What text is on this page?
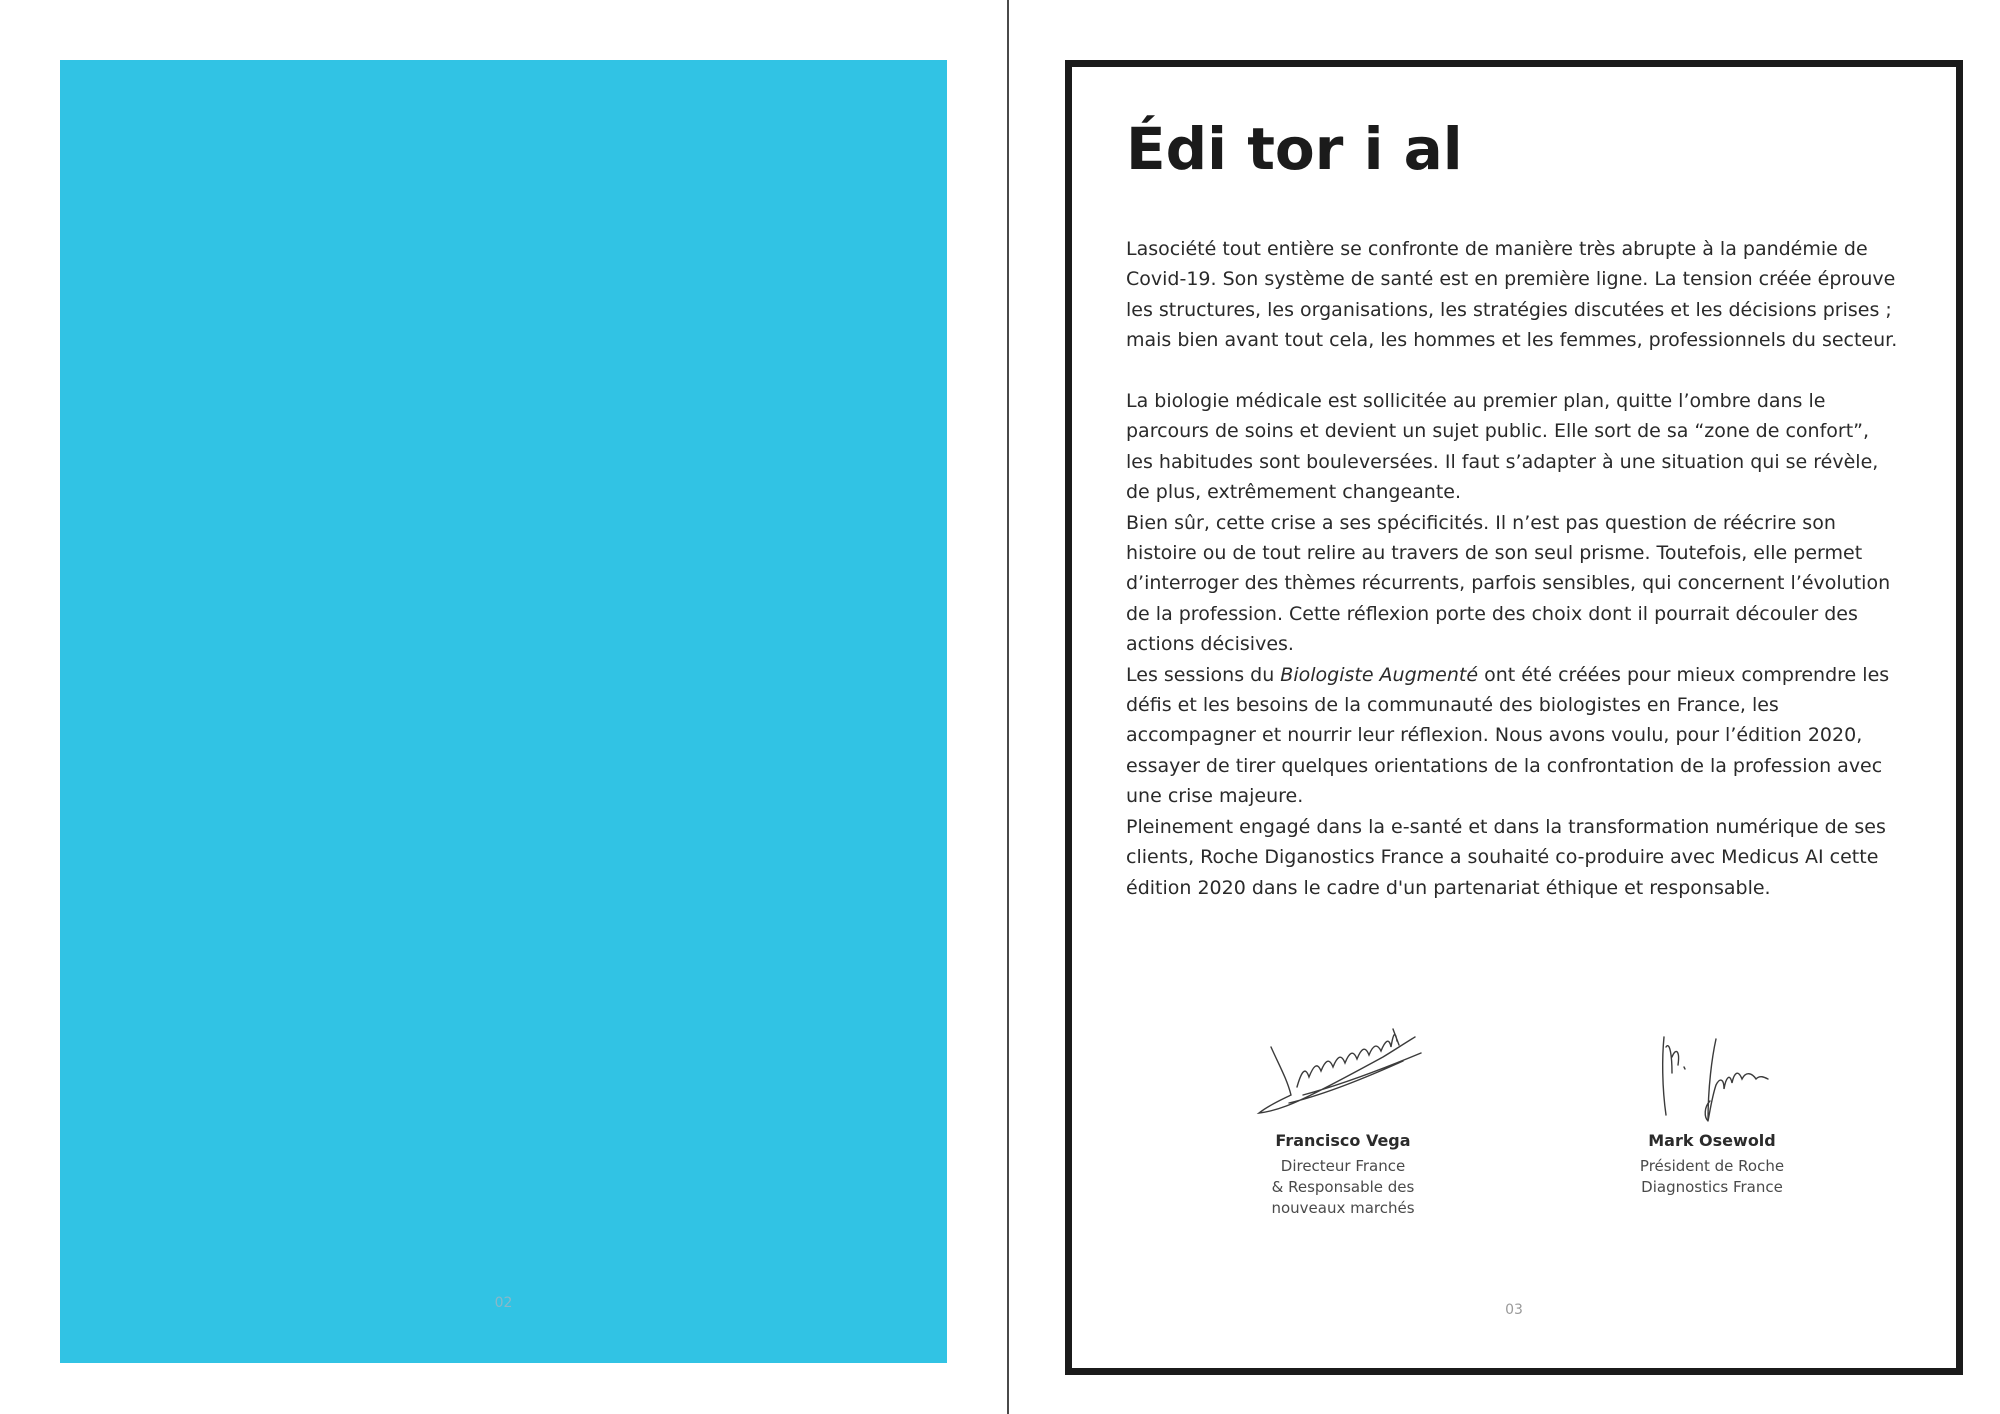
02
Édi tor i al

Lasociété tout entière se confronte de manière très abrupte à la pandémie de Covid-19. Son système de santé est en première ligne. La tension créée éprouve les structures, les organisations, les stratégies discutées et les décisions prises ; mais bien avant tout cela, les hommes et les femmes, professionnels du secteur.

La biologie médicale est sollicitée au premier plan, quitte l’ombre dans le parcours de soins et devient un sujet public. Elle sort de sa “zone de confort”, les habitudes sont bouleversées. Il faut s’adapter à une situation qui se révèle, de plus, extrêmement changeante.

Bien sûr, cette crise a ses spécificités. Il n’est pas question de réécrire son histoire ou de tout relire au travers de son seul prisme. Toutefois, elle permet d’interroger des thèmes récurrents, parfois sensibles, qui concernent l’évolution de la profession. Cette réflexion porte des choix dont il pourrait découler des actions décisives.

Les sessions du Biologiste Augmenté ont été créées pour mieux comprendre les défis et les besoins de la communauté des biologistes en France, les accompagner et nourrir leur réflexion. Nous avons voulu, pour l’édition 2020, essayer de tirer quelques orientations de la confrontation de la profession avec une crise majeure.

Pleinement engagé dans la e-santé et dans la transformation numérique de ses clients, Roche Diganostics France a souhaité co-produire avec Medicus AI cette édition 2020 dans le cadre d'un partenariat éthique et responsable.

Francisco Vega
Directeur France
& Responsable des
nouveaux marchés
Mark Osewold
Président de Roche
Diagnostics France
03
